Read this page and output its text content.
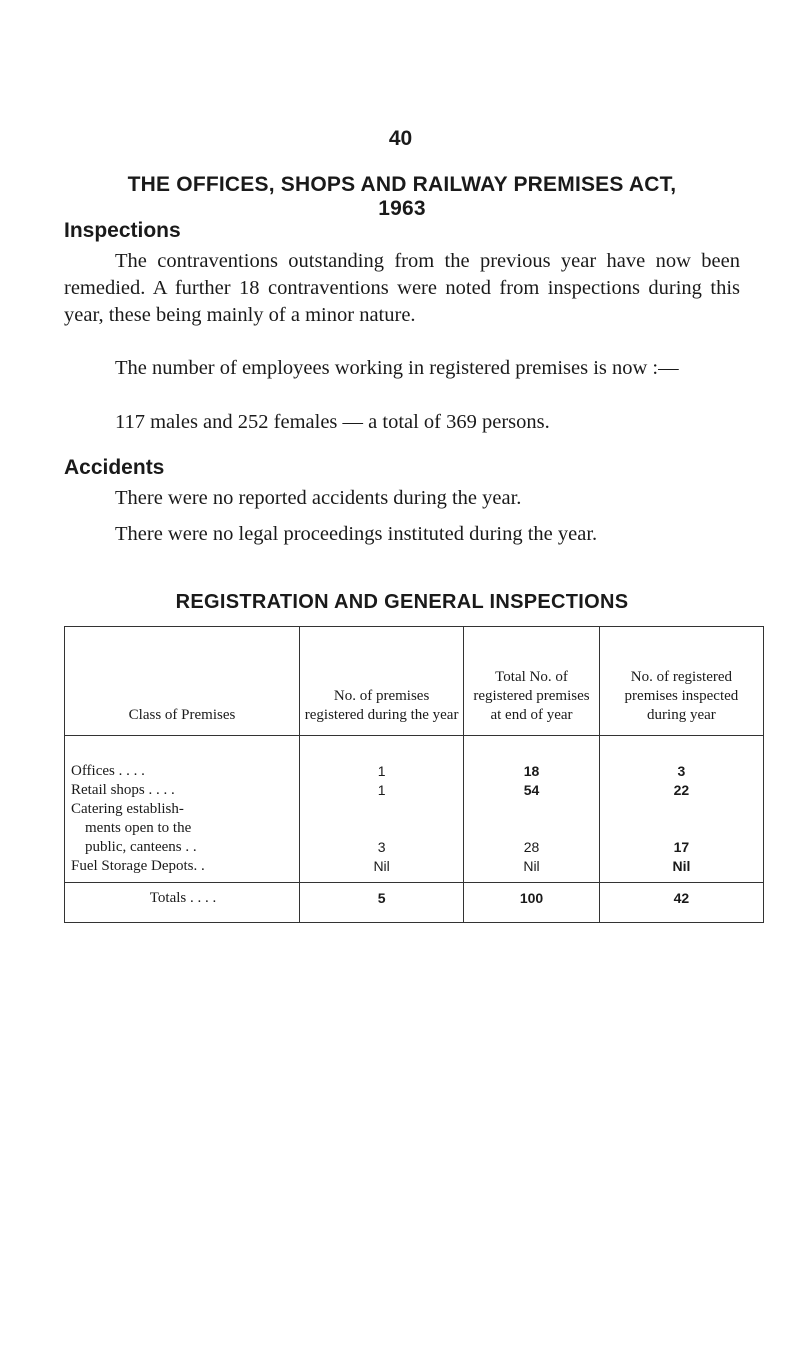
40
THE OFFICES, SHOPS AND RAILWAY PREMISES ACT,
1963
Inspections
The contraventions outstanding from the previous year have now been remedied. A further 18 contraventions were noted from inspections during this year, these being mainly of a minor nature.
The number of employees working in registered premises is now :—
117 males and 252 females — a total of 369 persons.
Accidents
There were no reported accidents during the year.
There were no legal proceedings instituted during the year.
REGISTRATION AND GENERAL INSPECTIONS
Class of Premises	No. of premises registered during the year	Total No. of registered premises at end of year	No. of registered premises inspected during year
Offices . . . .	1	18	3
Retail shops . . . .	1	54	22
Catering establish-			
ments open to the			
public, canteens . .	3	28	17
Fuel Storage Depots. .	Nil	Nil	Nil
Totals . . . .	5	100	42
